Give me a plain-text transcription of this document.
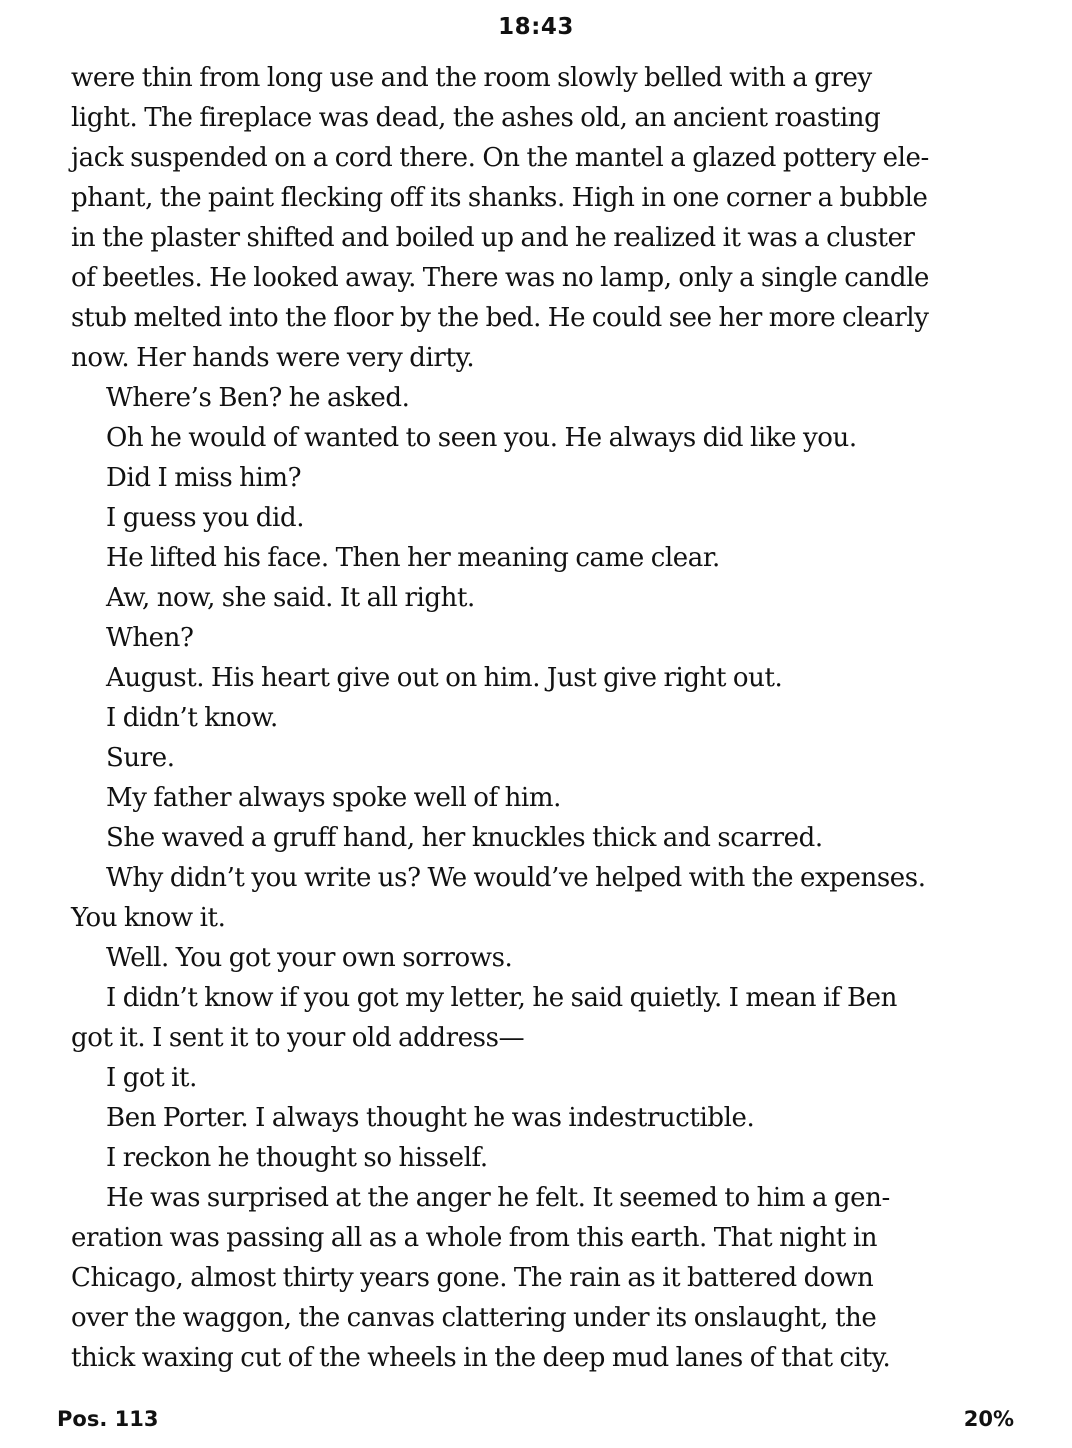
18:43

were thin from long use and the room slowly belled with a grey

light. The fireplace was dead, the ashes old, an ancient roasting

jack suspended on a cord there. On the mantel a glazed pottery ele-

phant, the paint flecking off its shanks. High in one corner a bubble

in the plaster shifted and boiled up and he realized it was a cluster

of beetles. He looked away. There was no lamp, only a single candle

stub melted into the floor by the bed. He could see her more clearly

now. Her hands were very dirty.

Where’s Ben? he asked.

Oh he would of wanted to seen you. He always did like you.

Did I miss him?

I guess you did.

He lifted his face. Then her meaning came clear.

Aw, now, she said. It all right.

When?

August. His heart give out on him. Just give right out.

I didn’t know.

Sure.

My father always spoke well of him.

She waved a gruff hand, her knuckles thick and scarred.

Why didn’t you write us? We would’ve helped with the expenses.

You know it.

Well. You got your own sorrows.

I didn’t know if you got my letter, he said quietly. I mean if Ben

got it. I sent it to your old address—

I got it.

Ben Porter. I always thought he was indestructible.

I reckon he thought so hisself.

He was surprised at the anger he felt. It seemed to him a gen-

eration was passing all as a whole from this earth. That night in

Chicago, almost thirty years gone. The rain as it battered down

over the waggon, the canvas clattering under its onslaught, the

thick waxing cut of the wheels in the deep mud lanes of that city.

Pos. 113	20%
